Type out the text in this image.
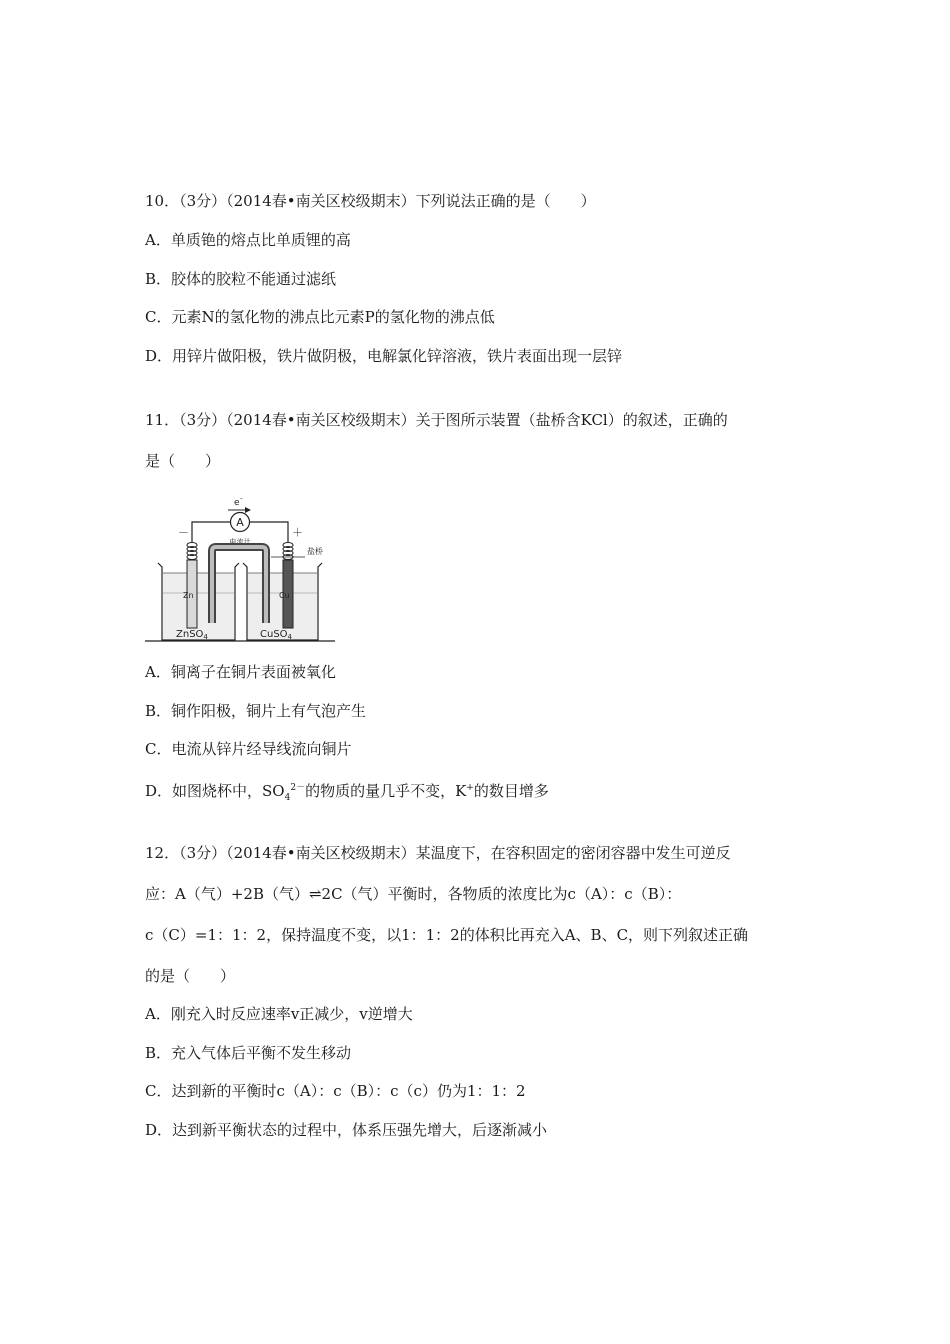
10．（3分）（2014春•南关区校级期末）下列说法正确的是（　　）
A．单质铯的熔点比单质锂的高
B．胶体的胶粒不能通过滤纸
C．元素N的氢化物的沸点比元素P的氢化物的沸点低
D．用锌片做阳极，铁片做阴极，电解氯化锌溶液，铁片表面出现一层锌
11．（3分）（2014春•南关区校级期末）关于图所示装置（盐桥含KCl）的叙述，正确的
是（　　）
e -
A
电流计
－	＋
盐桥
Zn	Cu
ZnSO$_4$	CuSO$_4$
A．铜离子在铜片表面被氧化
B．铜作阳极，铜片上有气泡产生
C．电流从锌片经导线流向铜片
D．如图烧杯中，$SO_4^{2-}$的物质的量几乎不变，K+的数目增多
12．（3分）（2014春•南关区校级期末）某温度下，在容积固定的密闭容器中发生可逆反
应：A（气）+2B（气）⇌2C（气）平衡时，各物质的浓度比为c（A）：c（B）：
c（C）=1：1：2，保持温度不变，以1：1：2的体积比再充入A、B、C，则下列叙述正确
的是（　　）
A．刚充入时反应速率v正减少，v逆增大
B．充入气体后平衡不发生移动
C．达到新的平衡时c（A）：c（B）：c（c）仍为1：1：2
D．达到新平衡状态的过程中，体系压强先增大，后逐渐减小
